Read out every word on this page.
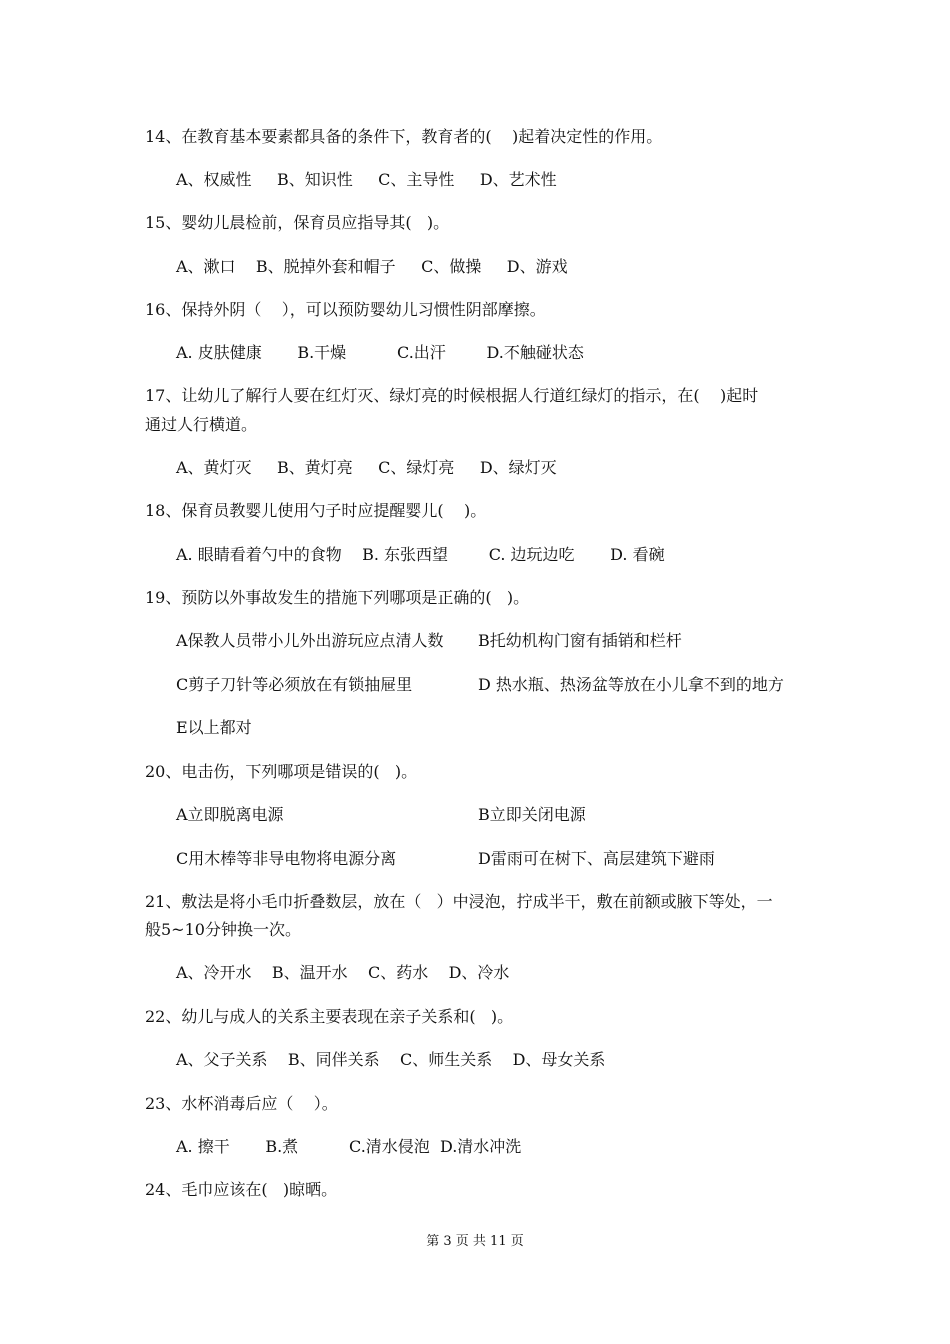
14、在教育基本要素都具备的条件下，教育者的(    )起着决定性的作用。
A、权威性     B、知识性     C、主导性     D、艺术性
15、婴幼儿晨检前，保育员应指导其(   )。
A、漱口    B、脱掉外套和帽子     C、做操     D、游戏
16、保持外阴（    ），可以预防婴幼儿习惯性阴部摩擦。
A. 皮肤健康       B.干燥          C.出汗        D.不触碰状态
17、让幼儿了解行人要在红灯灭、绿灯亮的时候根据人行道红绿灯的指示，在(    )起时
通过人行横道。
A、黄灯灭     B、黄灯亮     C、绿灯亮     D、绿灯灭
18、保育员教婴儿使用勺子时应提醒婴儿(    )。
A. 眼睛看着勺中的食物    B. 东张西望        C. 边玩边吃       D. 看碗
19、预防以外事故发生的措施下列哪项是正确的(   )。
A保教人员带小儿外出游玩应点清人数 B托幼机构门窗有插销和栏杆
C剪子刀针等必须放在有锁抽屉里	D 热水瓶、热汤盆等放在小儿拿不到的地方
E以上都对
20、电击伤，下列哪项是错误的(   )。
A立即脱离电源	B立即关闭电源
C用木棒等非导电物将电源分离	D雷雨可在树下、高层建筑下避雨
21、敷法是将小毛巾折叠数层，放在（   ）中浸泡，拧成半干，敷在前额或腋下等处，一
般5~10分钟换一次。
A、冷开水    B、温开水    C、药水    D、冷水
22、幼儿与成人的关系主要表现在亲子关系和(   )。
A、父子关系    B、同伴关系    C、师生关系    D、母女关系
23、水杯消毒后应（    ）。
A. 擦干       B.煮          C.清水侵泡  D.清水冲洗
24、毛巾应该在(   )晾晒。
第 3 页 共 11 页
